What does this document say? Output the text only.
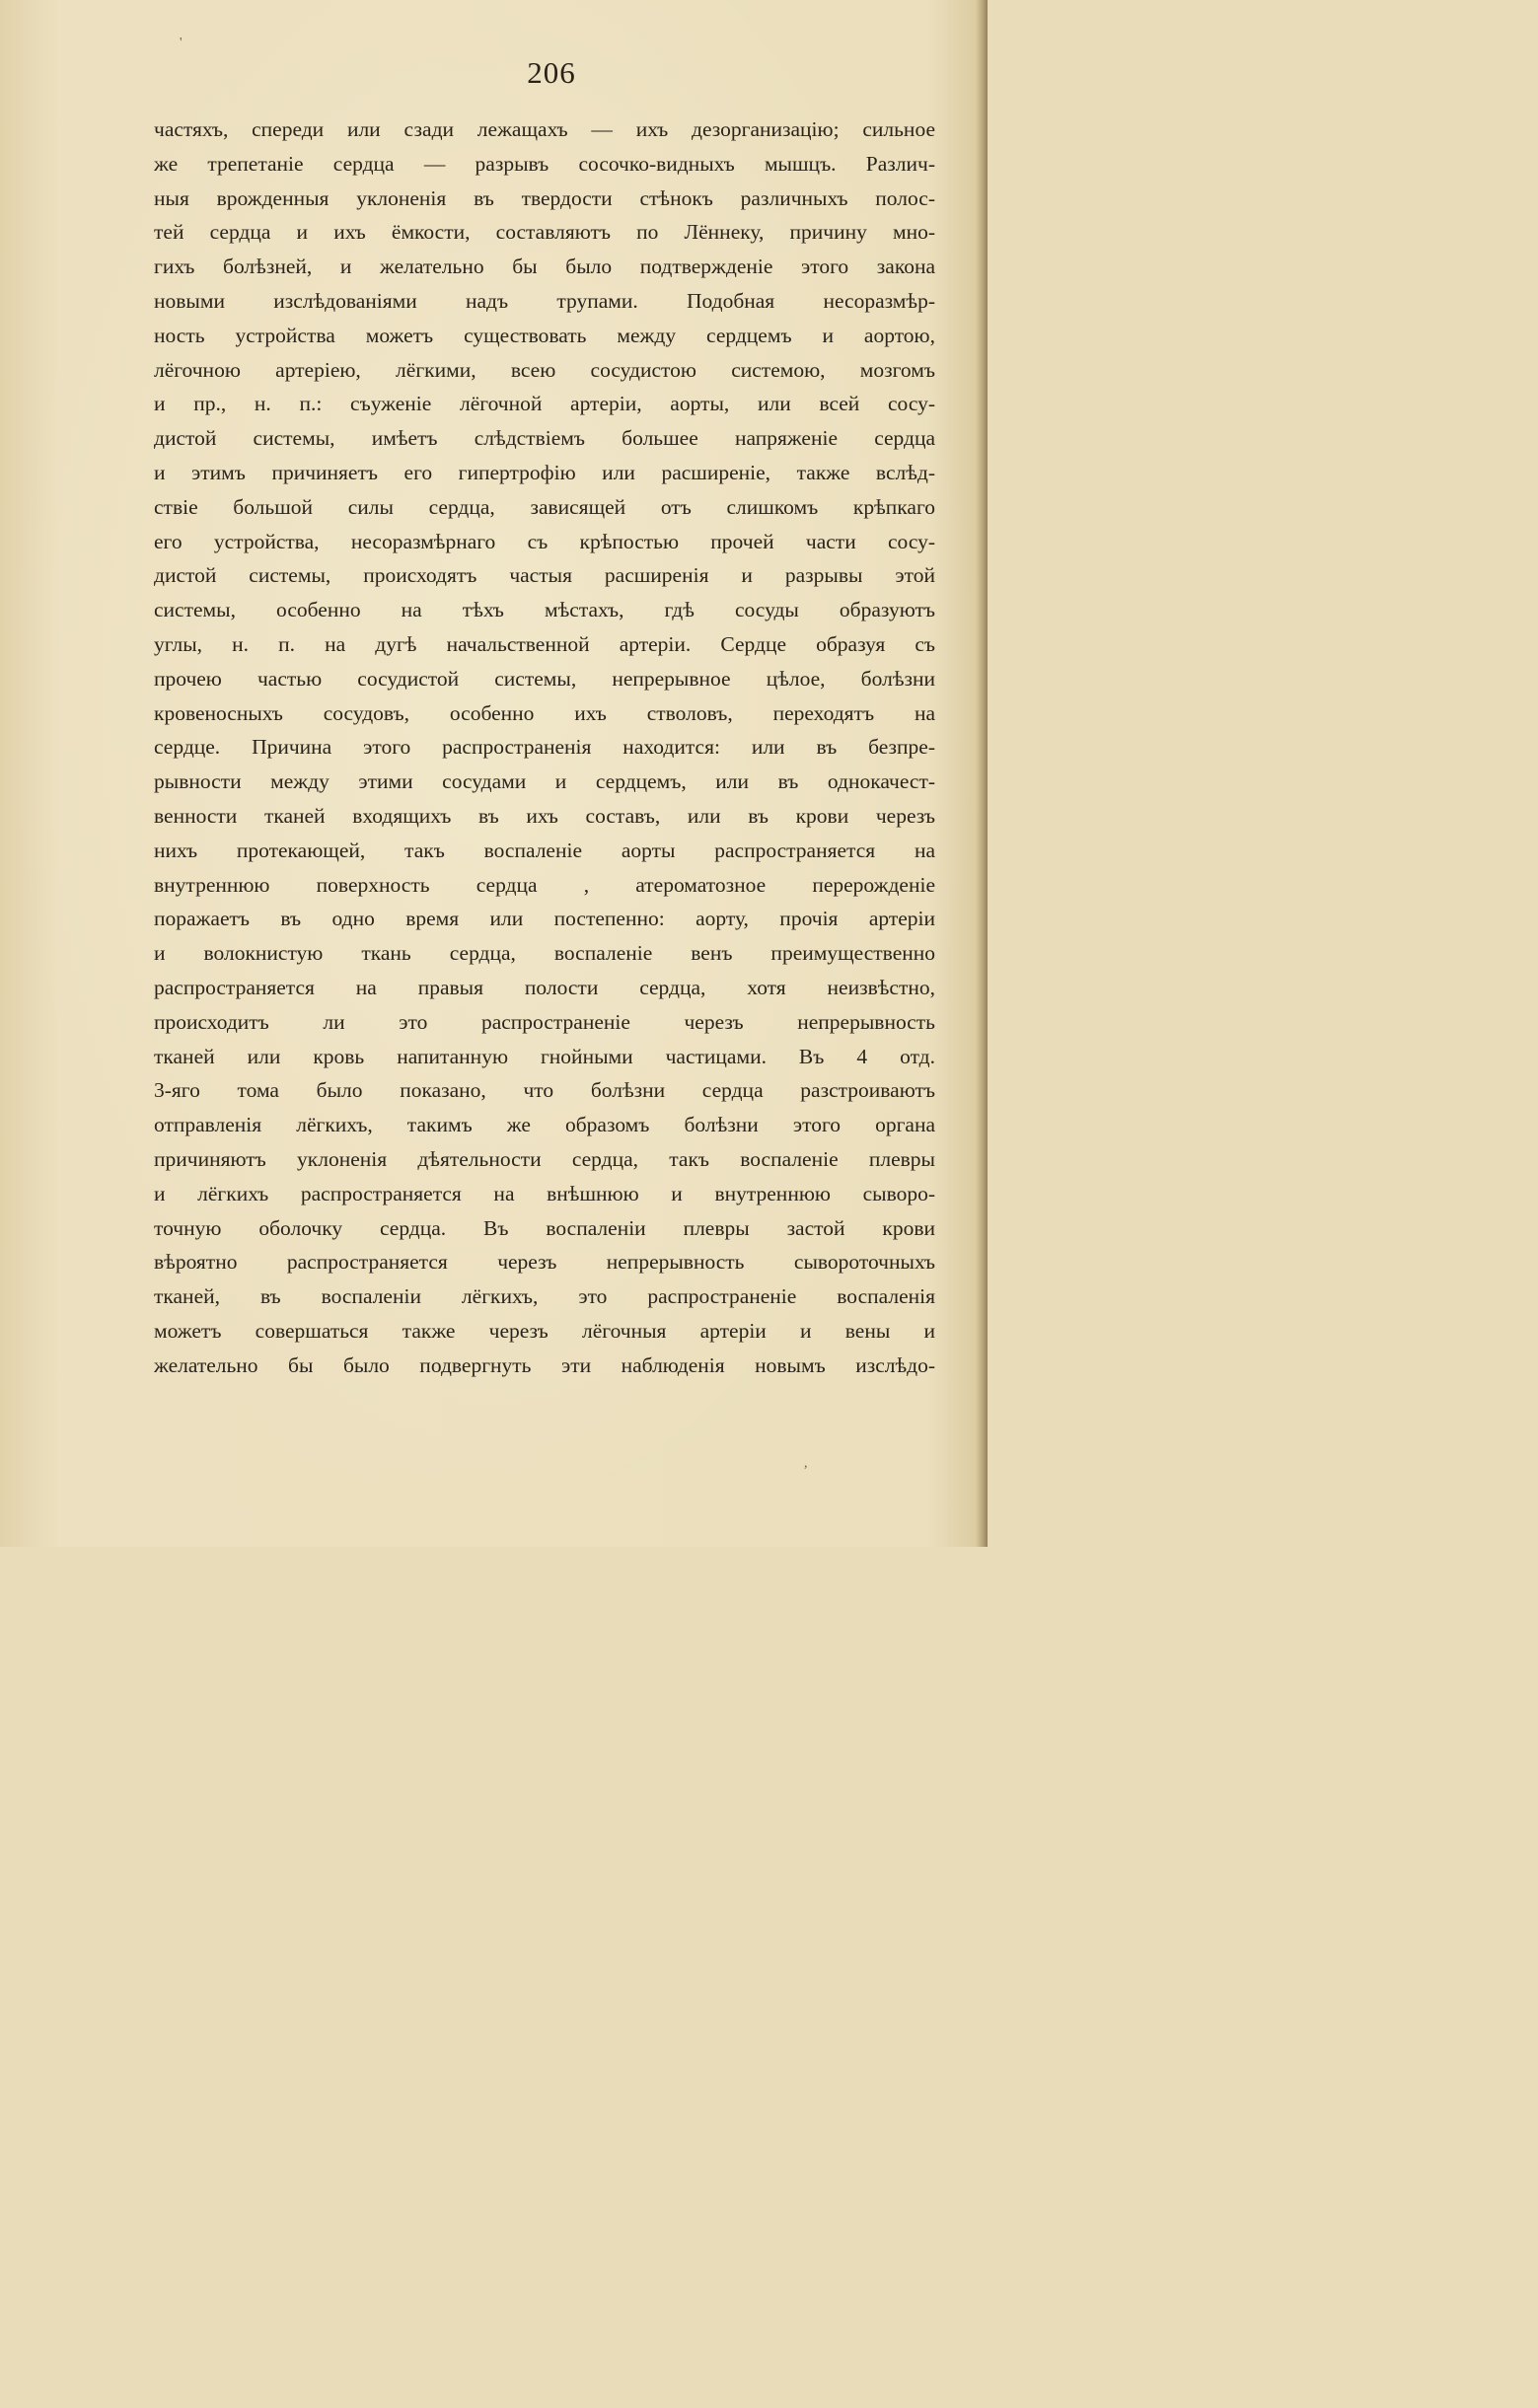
206
частяхъ, спереди или сзади лежащахъ — ихъ дезорганизацію; сильное
же трепетаніе сердца — разрывъ сосочко-видныхъ мышцъ. Различ-
ныя врожденныя уклоненія въ твердости стѣнокъ различныхъ полос-
тей сердца и ихъ ёмкости, составляютъ по Лённеку, причину мно-
гихъ болѣзней, и желательно бы было подтвержденіе этого закона
новыми изслѣдованіями надъ трупами. Подобная несоразмѣр-
ность устройства можетъ существовать между сердцемъ и аортою,
лёгочною артеріею, лёгкими, всею сосудистою системою, мозгомъ
и пр., н. п.: съуженіе лёгочной артеріи, аорты, или всей сосу-
дистой системы, имѣетъ слѣдствіемъ большее напряженіе сердца
и этимъ причиняетъ его гипертрофію или расширеніе, также вслѣд-
ствіе большой силы сердца, зависящей отъ слишкомъ крѣпкаго
его устройства, несоразмѣрнаго съ крѣпостью прочей части сосу-
дистой системы, происходятъ частыя расширенія и разрывы этой
системы, особенно на тѣхъ мѣстахъ, гдѣ сосуды образуютъ
углы, н. п. на дугѣ начальственной артеріи. Сердце образуя съ
прочею частью сосудистой системы, непрерывное цѣлое, болѣзни
кровеносныхъ сосудовъ, особенно ихъ стволовъ, переходятъ на
сердце. Причина этого распространенія находится: или въ безпре-
рывности между этими сосудами и сердцемъ, или въ однокачест-
венности тканей входящихъ въ ихъ составъ, или въ крови черезъ
нихъ протекающей, такъ воспаленіе аорты распространяется на
внутреннюю поверхность сердца , атероматозное перерожденіе
поражаетъ въ одно время или постепенно: аорту, прочія артеріи
и волокнистую ткань сердца, воспаленіе венъ преимущественно
распространяется на правыя полости сердца, хотя неизвѣстно,
происходитъ ли это распространеніе черезъ непрерывность
тканей или кровь напитанную гнойными частицами. Въ 4 отд.
3-яго тома было показано, что болѣзни сердца разстроиваютъ
отправленія лёгкихъ, такимъ же образомъ болѣзни этого органа
причиняютъ уклоненія дѣятельности сердца, такъ воспаленіе плевры
и лёгкихъ распространяется на внѣшнюю и внутреннюю сыворо-
точную оболочку сердца. Въ воспаленіи плевры застой крови
вѣроятно распространяется черезъ непрерывность сывороточныхъ
тканей, въ воспаленіи лёгкихъ, это распространеніе воспаленія
можетъ совершаться также черезъ лёгочныя артеріи и вены и
желательно бы было подвергнуть эти наблюденія новымъ изслѣдо-
'
,
